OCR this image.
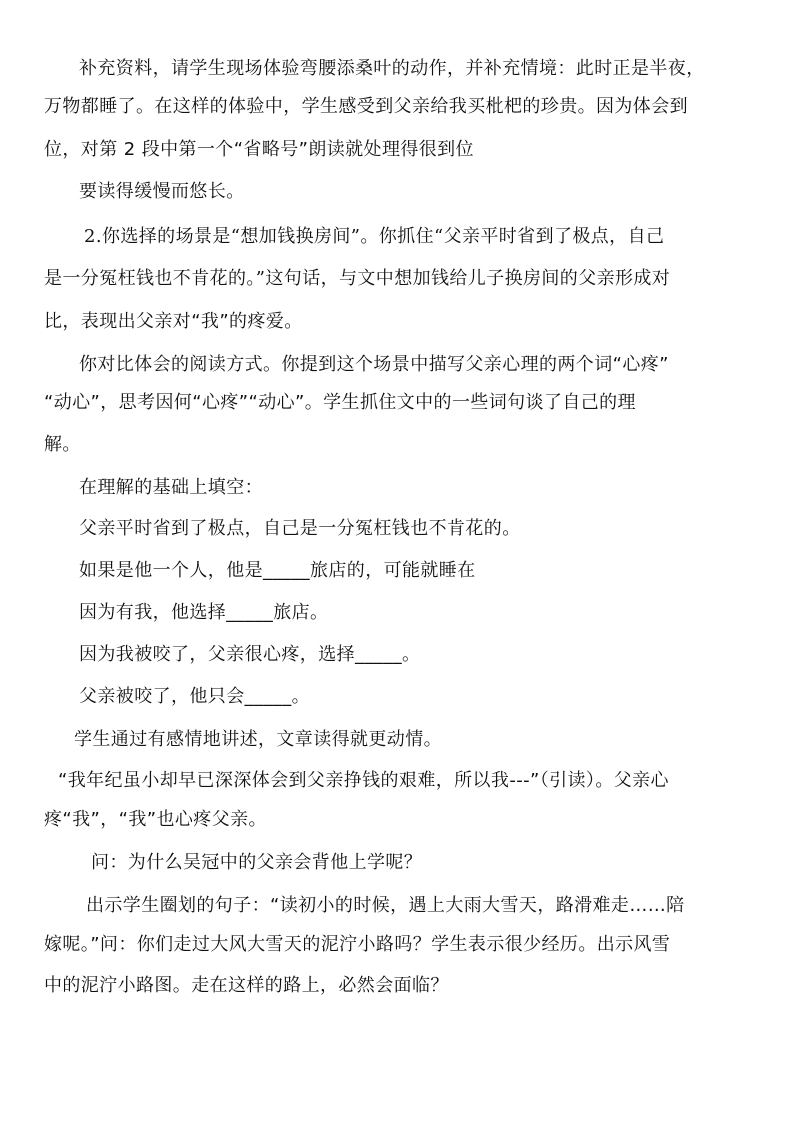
补充资料，请学生现场体验弯腰添桑叶的动作，并补充情境：此时正是半夜，
万物都睡了。在这样的体验中，学生感受到父亲给我买枇杷的珍贵。因为体会到
位，对第 2 段中第一个“省略号”朗读就处理得很到位
要读得缓慢而悠长。
2.你选择的场景是“想加钱换房间”。你抓住“父亲平时省到了极点，自己
是一分冤枉钱也不肯花的。”这句话，与文中想加钱给儿子换房间的父亲形成对
比，表现出父亲对“我”的疼爱。
你对比体会的阅读方式。你提到这个场景中描写父亲心理的两个词“心疼”
“动心”，思考因何“心疼”“动心”。学生抓住文中的一些词句谈了自己的理
解。
在理解的基础上填空：
父亲平时省到了极点，自己是一分冤枉钱也不肯花的。
如果是他一个人，他是_____旅店的，可能就睡在
因为有我，他选择_____旅店。
因为我被咬了，父亲很心疼，选择_____。
父亲被咬了，他只会_____。
学生通过有感情地讲述，文章读得就更动情。
“我年纪虽小却早已深深体会到父亲挣钱的艰难，所以我---”（引读）。父亲心
疼“我”，“我”也心疼父亲。
问：为什么吴冠中的父亲会背他上学呢？
出示学生圈划的句子：“读初小的时候，遇上大雨大雪天，路滑难走……陪
嫁呢。”问：你们走过大风大雪天的泥泞小路吗？学生表示很少经历。出示风雪
中的泥泞小路图。走在这样的路上，必然会面临？
